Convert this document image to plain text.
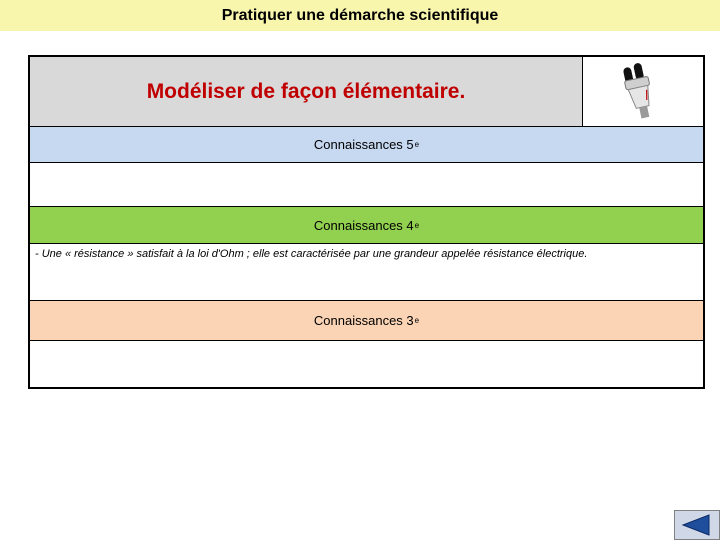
Pratiquer une démarche scientifique
Modéliser de façon élémentaire.
Connaissances 5 e
Connaissances 4 e
- Une « résistance » satisfait à la loi d'Ohm ; elle est caractérisée par une grandeur appelée résistance électrique.
Connaissances 3 e
